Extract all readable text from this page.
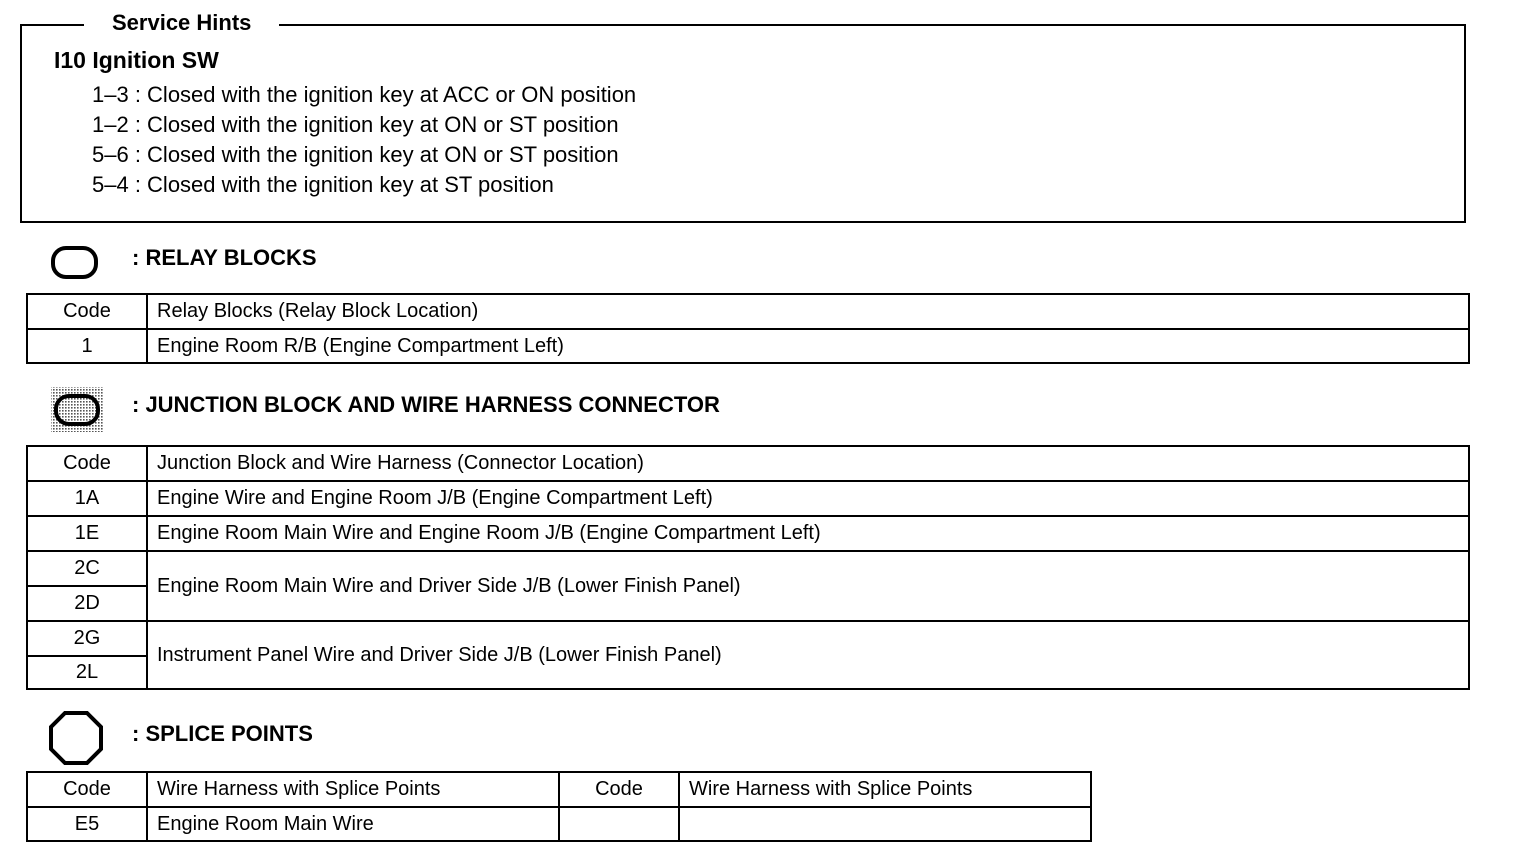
Service Hints
I10 Ignition SW
1–3 : Closed with the ignition key at ACC or ON position
1–2 : Closed with the ignition key at ON or ST position
5–6 : Closed with the ignition key at ON or ST position
5–4 : Closed with the ignition key at ST position
: RELAY BLOCKS
Code	Relay Blocks (Relay Block Location)
1	Engine Room R/B (Engine Compartment Left)
: JUNCTION BLOCK AND WIRE HARNESS CONNECTOR
Code	Junction Block and Wire Harness (Connector Location)
1A	Engine Wire and Engine Room J/B (Engine Compartment Left)
1E	Engine Room Main Wire and Engine Room J/B (Engine Compartment Left)
2C	Engine Room Main Wire and Driver Side J/B (Lower Finish Panel)
2D	
2G	Instrument Panel Wire and Driver Side J/B (Lower Finish Panel)
2L	
: SPLICE POINTS
Code	Wire Harness with Splice Points	Code	Wire Harness with Splice Points
E5	Engine Room Main Wire		
